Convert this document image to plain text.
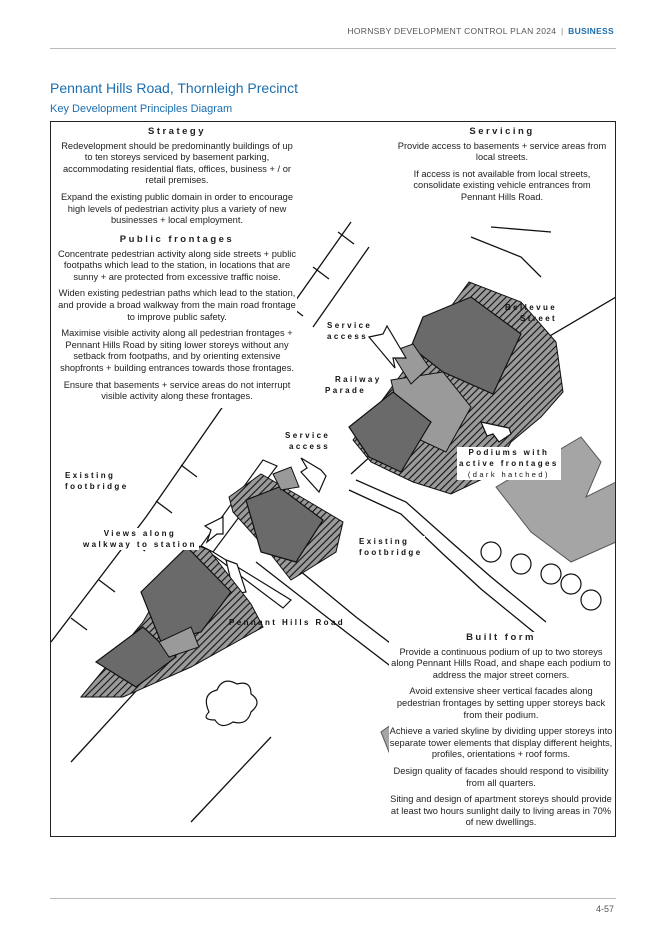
HORNSBY DEVELOPMENT CONTROL PLAN 2024 | BUSINESS
Pennant Hills Road, Thornleigh Precinct
Key Development Principles Diagram
Strategy

Redevelopment should be predominantly buildings of up to ten storeys serviced by basement parking, accommodating residential flats, offices, business + / or retail premises.

Expand the existing public domain in order to encourage high levels of pedestrian activity plus a variety of new businesses + local employment.

Public frontages

Concentrate pedestrian activity along side streets + public footpaths which lead to the station, in locations that are sunny + are protected from excessive traffic noise.

Widen existing pedestrian paths which lead to the station, and provide a broad walkway from the main road frontage to improve public safety.

Maximise visible activity along all pedestrian frontages + Pennant Hills Road by siting lower storeys without any setback from footpaths, and by orienting extensive shopfronts + building entrances towards those frontages.

Ensure that basements + service areas do not interrupt visible activity along these frontages.

Servicing

Provide access to basements + service areas from local streets.

If access is not available from local streets, consolidate existing vehicle entrances from Pennant Hills Road.

Built form

Provide a continuous podium of up to two storeys along Pennant Hills Road, and shape each podium to address the major street corners.

Avoid extensive sheer vertical facades along pedestrian frontages by setting upper storeys back from their podium.

Achieve a varied skyline by dividing upper storeys into separate tower elements that display different heights, profiles, orientations + roof forms.

Design quality of facades should respond to visibility from all quarters.

Siting and design of apartment storeys should provide at least two hours sunlight daily to living areas in 70% of new dwellings.

Bellevue
Street
Service
access
Railway
Parade
Service
access
Podiums with
active frontages
(dark hatched)
Existing
footbridge
Views along
walkway to station	Existing
footbridge
Pennant Hills Road
4-57
